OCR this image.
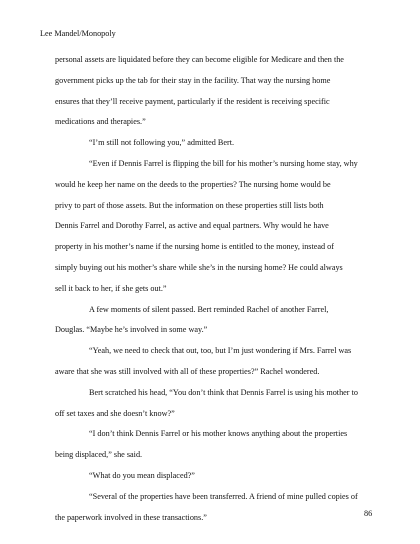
Lee Mandel/Monopoly
personal assets are liquidated before they can become eligible for Medicare and then the
government picks up the tab for their stay in the facility. That way the nursing home
ensures that they’ll receive payment, particularly if the resident is receiving specific
medications and therapies.”
“I’m still not following you,” admitted Bert.
“Even if Dennis Farrel is flipping the bill for his mother’s nursing home stay, why
would he keep her name on the deeds to the properties? The nursing home would be
privy to part of those assets. But the information on these properties still lists both
Dennis Farrel and Dorothy Farrel, as active and equal partners. Why would he have
property in his mother’s name if the nursing home is entitled to the money, instead of
simply buying out his mother’s share while she’s in the nursing home? He could always
sell it back to her, if she gets out.”
A few moments of silent passed. Bert reminded Rachel of another Farrel,
Douglas. “Maybe he’s involved in some way.”
“Yeah, we need to check that out, too, but I’m just wondering if Mrs. Farrel was
aware that she was still involved with all of these properties?” Rachel wondered.
Bert scratched his head, “You don’t think that Dennis Farrel is using his mother to
off set taxes and she doesn’t know?”
“I don’t think Dennis Farrel or his mother knows anything about the properties
being displaced,” she said.
“What do you mean displaced?”
“Several of the properties have been transferred. A friend of mine pulled copies of
the paperwork involved in these transactions.”	86
